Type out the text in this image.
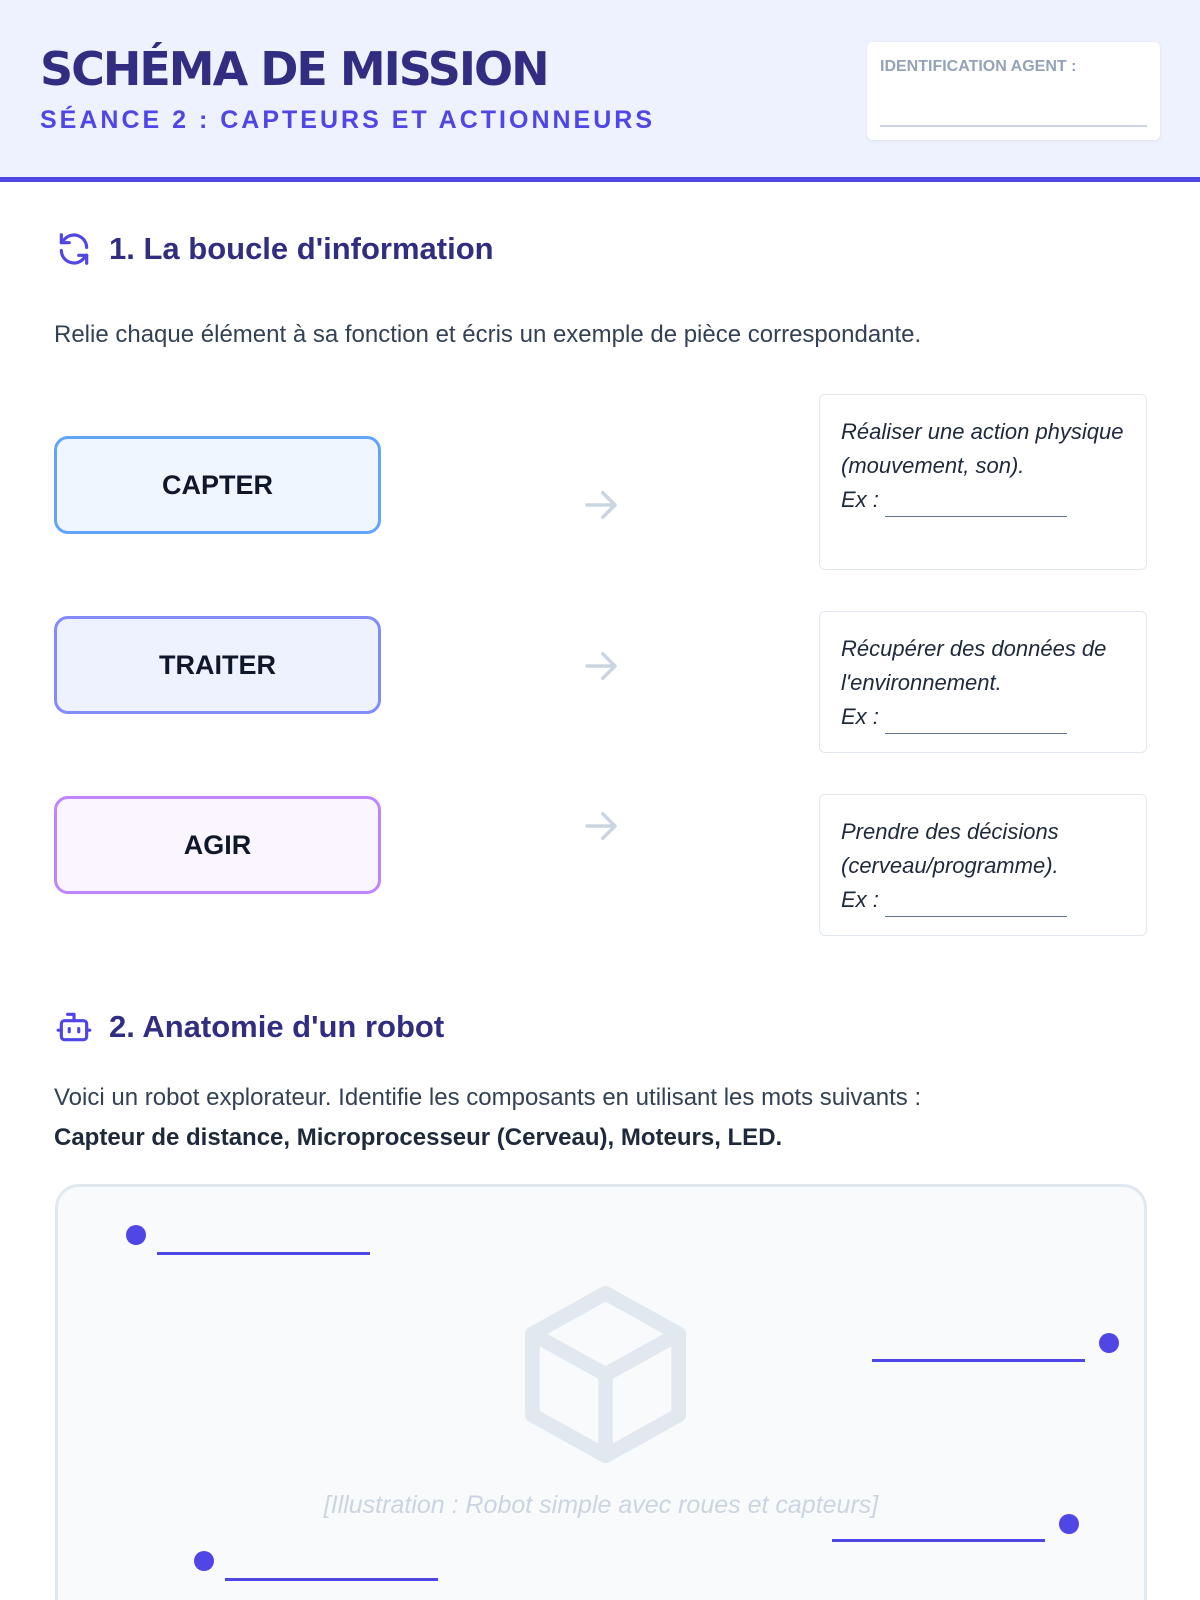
SCHÉMA DE MISSION
SÉANCE 2 : CAPTEURS ET ACTIONNEURS
IDENTIFICATION AGENT :
1. La boucle d'information
Relie chaque élément à sa fonction et écris un exemple de pièce correspondante.
CAPTER
TRAITER
AGIR
Réaliser une action physique (mouvement, son).
Ex :
Récupérer des données de l'environnement.
Ex :
Prendre des décisions (cerveau/programme).
Ex :
2. Anatomie d'un robot
Voici un robot explorateur. Identifie les composants en utilisant les mots suivants :
Capteur de distance, Microprocesseur (Cerveau), Moteurs, LED.
[Illustration : Robot simple avec roues et capteurs]
